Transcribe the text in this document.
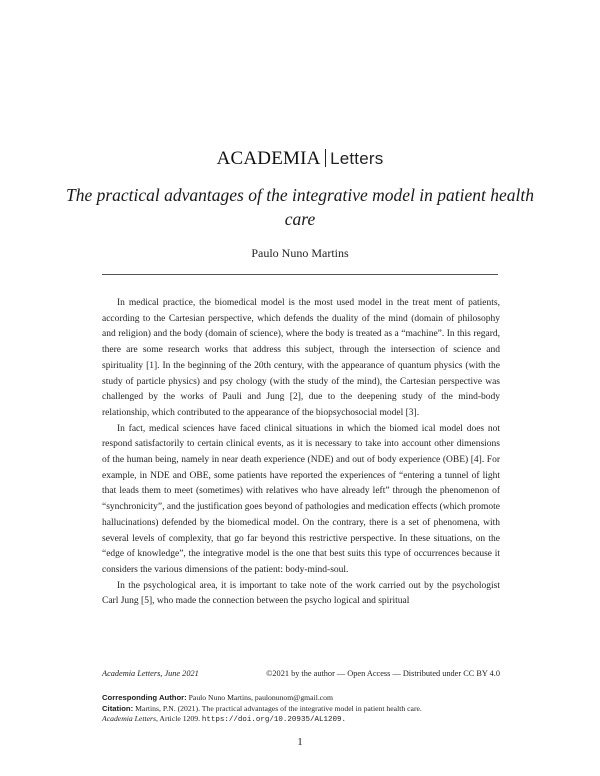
ACADEMIA Letters
The practical advantages of the integrative model in patient health care
Paulo Nuno Martins

In medical practice, the biomedical model is the most used model in the treat ment of patients, according to the Cartesian perspective, which defends the duality of the mind (domain of philosophy and religion) and the body (domain of science), where the body is treated as a “machine”. In this regard, there are some research works that address this subject, through the intersection of science and spirituality [1]. In the beginning of the 20th century, with the appearance of quantum physics (with the study of particle physics) and psy chology (with the study of the mind), the Cartesian perspective was challenged by the works of Pauli and Jung [2], due to the deepening study of the mind-body relationship, which contributed to the appearance of the biopsychosocial model [3].

In fact, medical sciences have faced clinical situations in which the biomed ical model does not respond satisfactorily to certain clinical events, as it is necessary to take into account other dimensions of the human being, namely in near death experience (NDE) and out of body experience (OBE) [4]. For example, in NDE and OBE, some patients have reported the experiences of “entering a tunnel of light that leads them to meet (sometimes) with relatives who have already left” through the phenomenon of “synchronicity”, and the justification goes beyond of pathologies and medication effects (which promote hallucinations) defended by the biomedical model. On the contrary, there is a set of phenomena, with several levels of complexity, that go far beyond this restrictive perspective. In these situations, on the “edge of knowledge”, the integrative model is the one that best suits this type of occurrences because it considers the various dimensions of the patient: body-mind-soul.

In the psychological area, it is important to take note of the work carried out by the psychologist Carl Jung [5], who made the connection between the psycho logical and spiritual

Academia Letters, June 2021	©2021 by the author — Open Access — Distributed under CC BY 4.0
Corresponding Author: Paulo Nuno Martins, paulonunom@gmail.com
Citation: Martins, P.N. (2021). The practical advantages of the integrative model in patient health care.
Academia Letters, Article 1209. https://doi.org/10.20935/AL1209.
1
